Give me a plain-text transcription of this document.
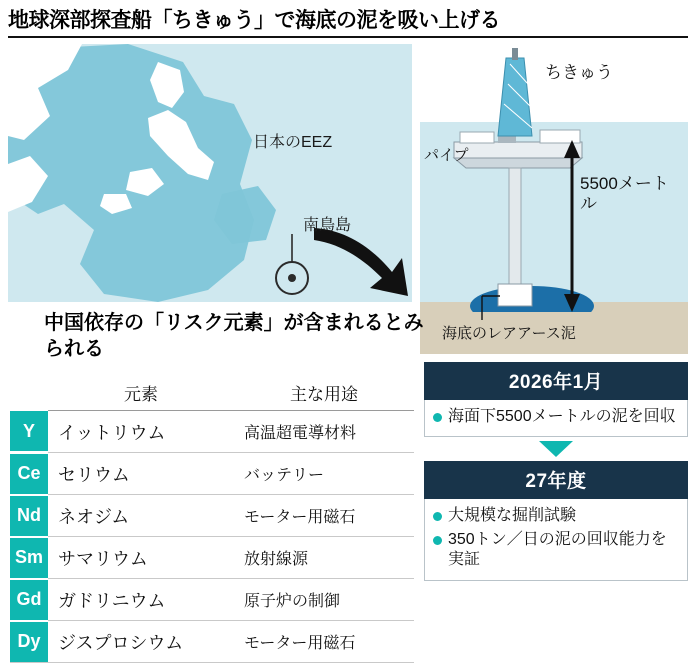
地球深部探査船「ちきゅう」で海底の泥を吸い上げる
日本のEEZ
南鳥島
ちきゅう
パイプ
5500メートル
海底のレアアース泥
中国依存の「リスク元素」が含まれるとみられる
	元素	主な用途

Y	イットリウム	高温超電導材料

Ce	セリウム	バッテリー

Nd	ネオジム	モーター用磁石

Sm	サマリウム	放射線源

Gd	ガドリニウム	原子炉の制御

Dy	ジスプロシウム	モーター用磁石
2026年1月
海面下5500メートルの泥を回収
27年度
大規模な掘削試験
350トン／日の泥の回収能力を実証
